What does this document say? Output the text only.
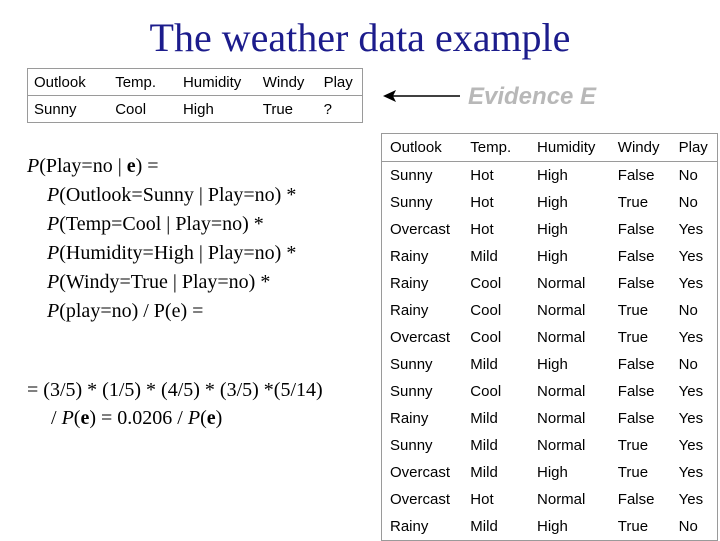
The weather data example
Outlook	Temp.	Humidity	Windy	Play
Sunny	Cool	High	True	?	Evidence E
P(Play=no | e) =
P(Outlook=Sunny | Play=no) *
P(Temp=Cool | Play=no) *
P(Humidity=High | Play=no) *
P(Windy=True | Play=no) *
P(play=no) / P(e) =
= (3/5) * (1/5) * (4/5) * (3/5) *(5/14)
/ P(e) = 0.0206 / P(e)
Outlook	Temp.	Humidity	Windy	Play
Sunny	Hot	High	False	No
Sunny	Hot	High	True	No
Overcast	Hot	High	False	Yes
Rainy	Mild	High	False	Yes
Rainy	Cool	Normal	False	Yes
Rainy	Cool	Normal	True	No
Overcast	Cool	Normal	True	Yes
Sunny	Mild	High	False	No
Sunny	Cool	Normal	False	Yes
Rainy	Mild	Normal	False	Yes
Sunny	Mild	Normal	True	Yes
Overcast	Mild	High	True	Yes
Overcast	Hot	Normal	False	Yes
Rainy	Mild	High	True	No
